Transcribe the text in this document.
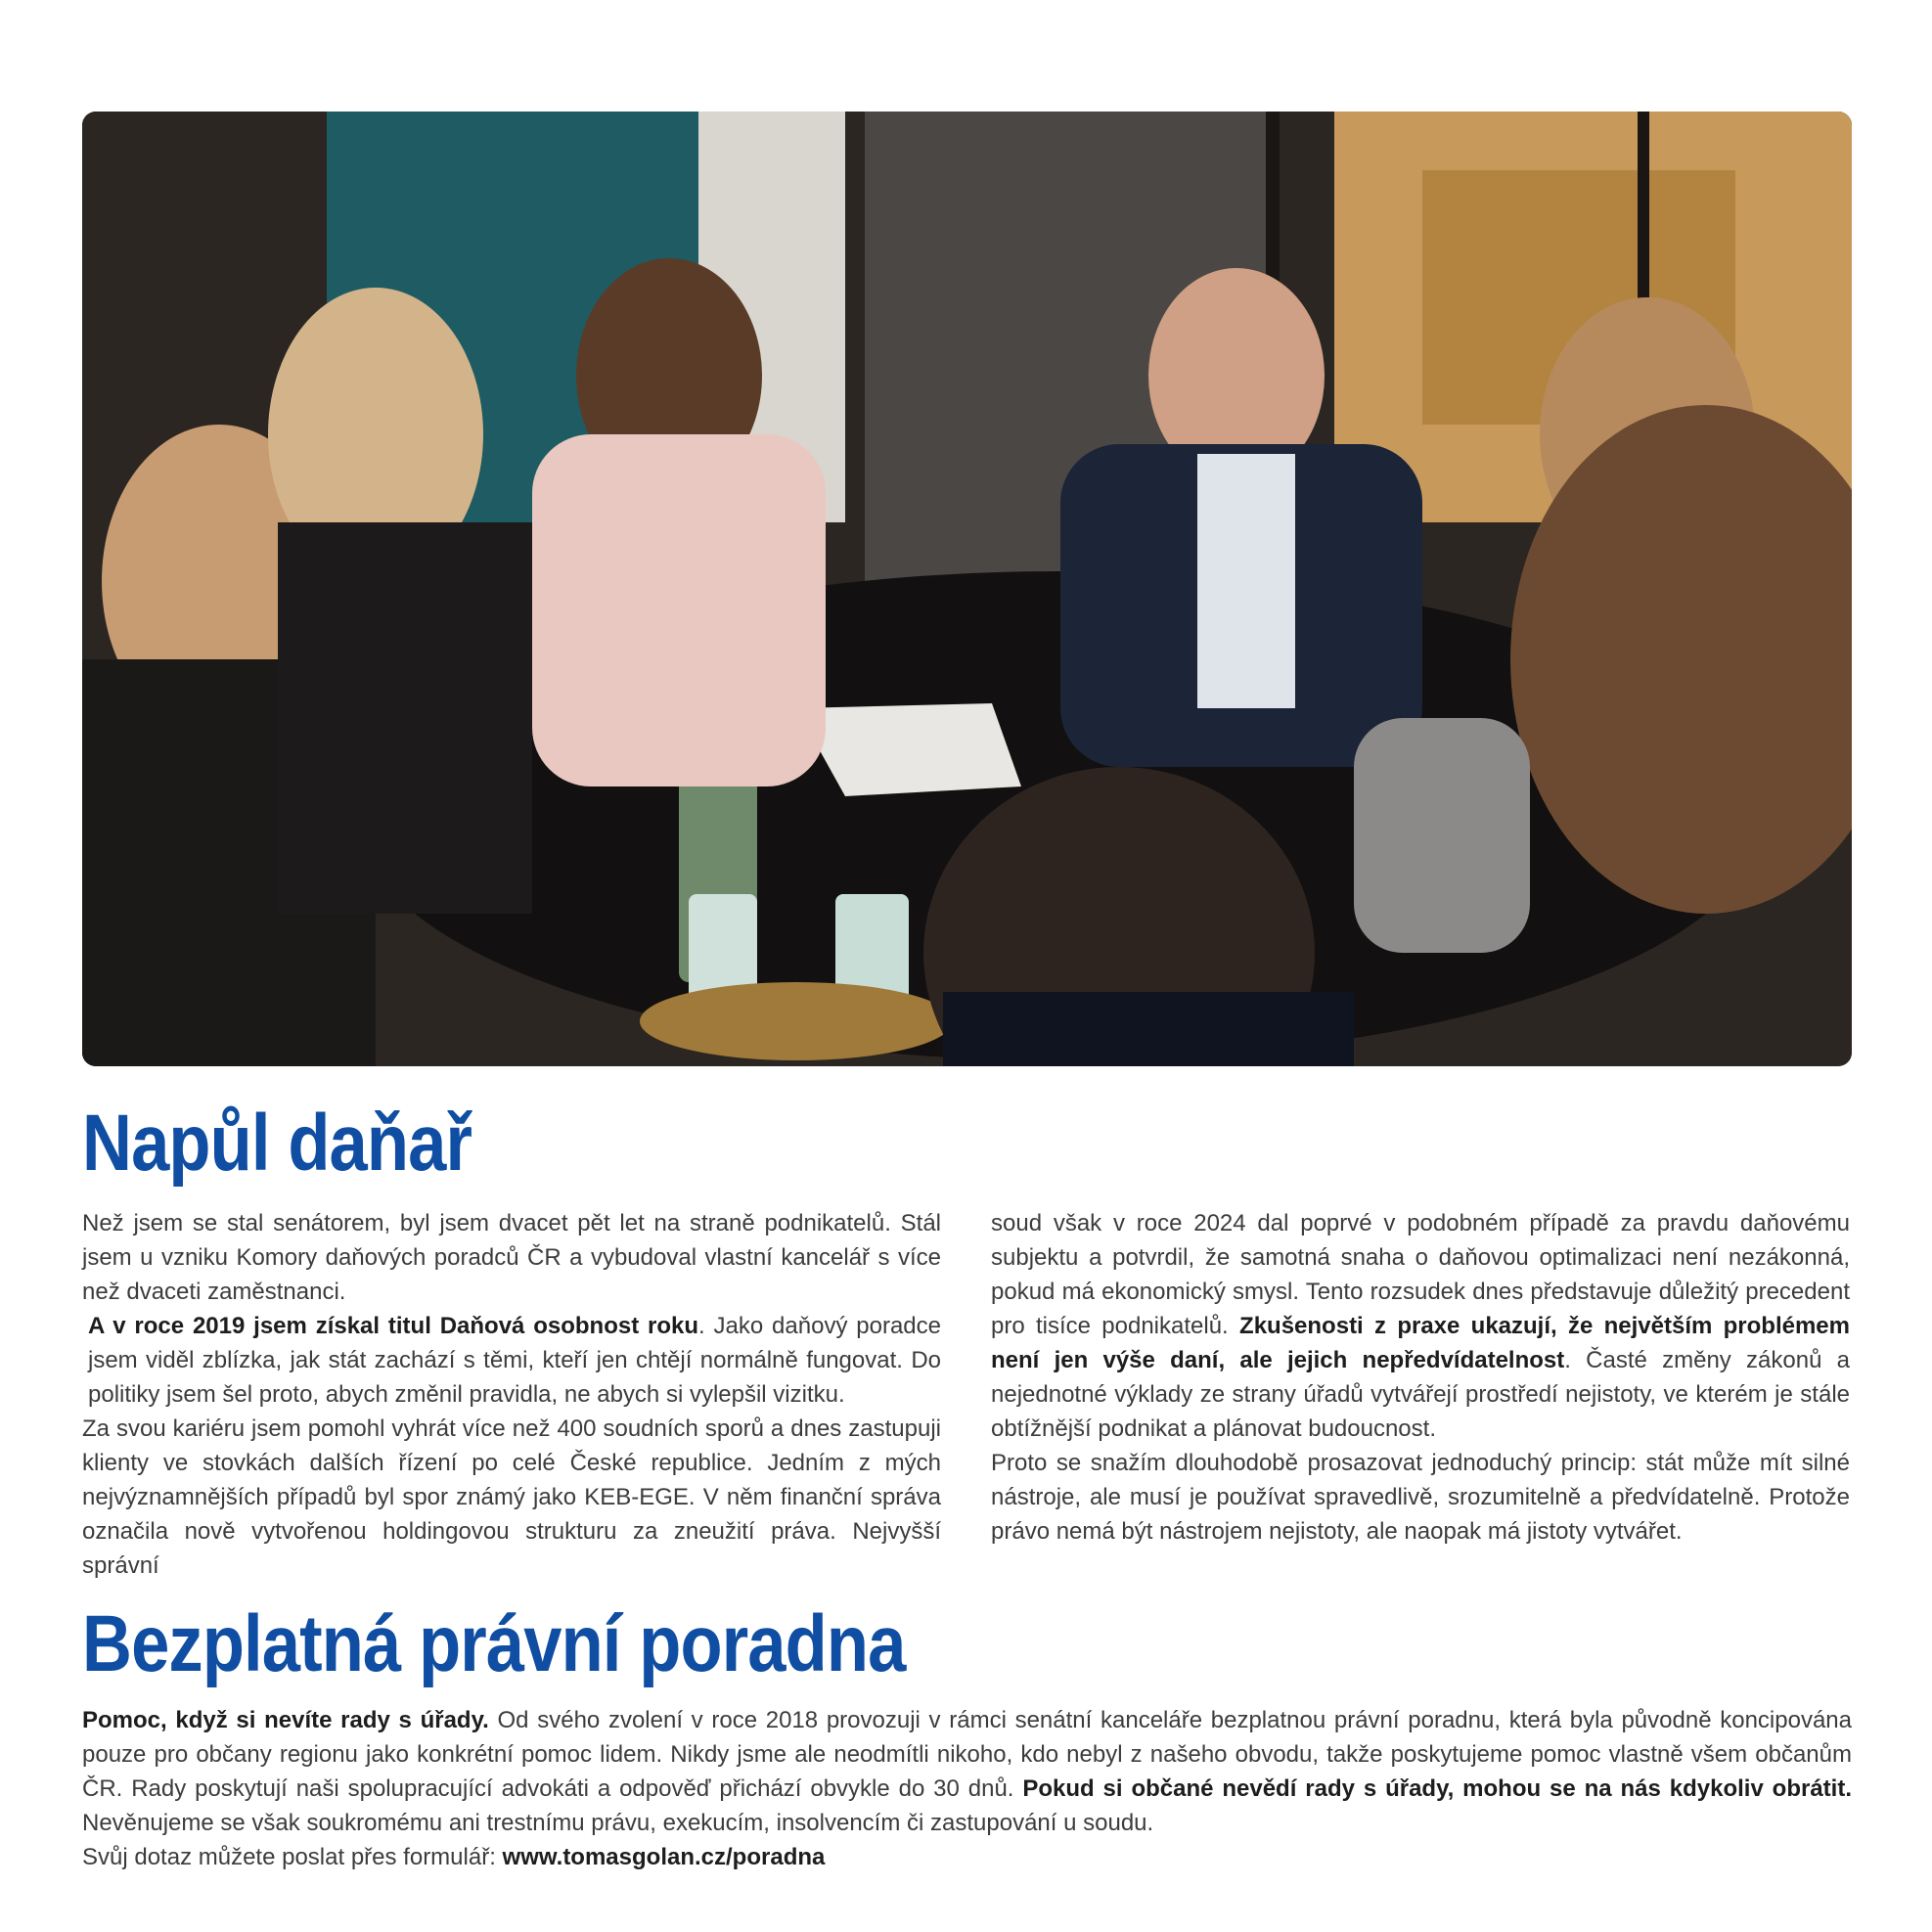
Napůl daňař

Než jsem se stal senátorem, byl jsem dvacet pět let na straně podnikatelů. Stál jsem u vzniku Komory daňových poradců ČR a vybudoval vlastní kancelář s více než dvaceti zaměstnanci.

A v roce 2019 jsem získal titul Daňová osobnost roku. Jako daňový poradce jsem viděl zblízka, jak stát zachází s těmi, kteří jen chtějí normálně fungovat. Do politiky jsem šel proto, abych změnil pravidla, ne abych si vylepšil vizitku.

Za svou kariéru jsem pomohl vyhrát více než 400 soudních sporů a dnes zastupuji klienty ve stovkách dalších řízení po celé České republice. Jedním z mých nejvýznamnějších případů byl spor známý jako KEB-EGE. V něm finanční správa označila nově vytvořenou holdingovou strukturu za zneužití práva. Nejvyšší správní

soud však v roce 2024 dal poprvé v podobném případě za pravdu daňovému subjektu a potvrdil, že samotná snaha o daňovou optimalizaci není nezákonná, pokud má ekonomický smysl. Tento rozsudek dnes představuje důležitý precedent pro tisíce podnikatelů. Zkušenosti z praxe ukazují, že největším problémem není jen výše daní, ale jejich nepředvídatelnost. Časté změny zákonů a nejednotné výklady ze strany úřadů vytvářejí prostředí nejistoty, ve kterém je stále obtížnější podnikat a plánovat budoucnost.

Proto se snažím dlouhodobě prosazovat jednoduchý princip: stát může mít silné nástroje, ale musí je používat spravedlivě, srozumitelně a předvídatelně. Protože právo nemá být nástrojem nejistoty, ale naopak má jistoty vytvářet.

Bezplatná právní poradna

Pomoc, když si nevíte rady s úřady. Od svého zvolení v roce 2018 provozuji v rámci senátní kanceláře bezplatnou právní poradnu, která byla původně koncipována pouze pro občany regionu jako konkrétní pomoc lidem. Nikdy jsme ale neodmítli nikoho, kdo nebyl z našeho obvodu, takže poskytujeme pomoc vlastně všem občanům ČR. Rady poskytují naši spolupracující advokáti a odpověď přichází obvykle do 30 dnů. Pokud si občané nevědí rady s úřady, mohou se na nás kdykoliv obrátit. Nevěnujeme se však soukromému ani trestnímu právu, exekucím, insolvencím či zastupování u soudu.

Svůj dotaz můžete poslat přes formulář: www.tomasgolan.cz/poradna
